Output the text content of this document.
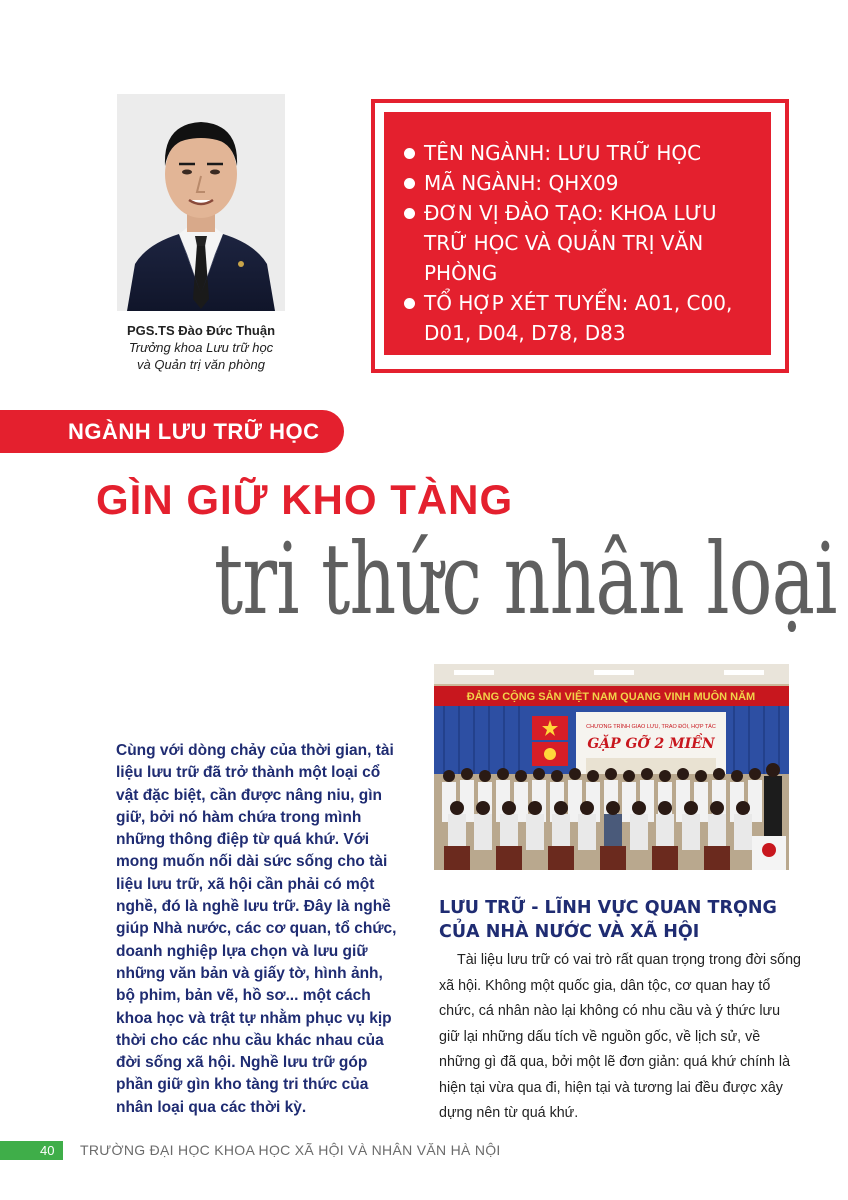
PGS.TS Đào Đức Thuận
Trưởng khoa Lưu trữ học
và Quản trị văn phòng
TÊN NGÀNH: LƯU TRỮ HỌC
MÃ NGÀNH: QHX09
ĐƠN VỊ ĐÀO TẠO: KHOA LƯU TRỮ HỌC VÀ QUẢN TRỊ VĂN PHÒNG
TỔ HỢP XÉT TUYỂN: A01, C00, D01, D04, D78, D83
NGÀNH LƯU TRỮ HỌC
GÌN GIỮ KHO TÀNG
tri thức nhân loại
ĐẢNG CỘNG SẢN VIỆT NAM QUANG VINH MUÔN NĂM
CHƯƠNG TRÌNH GIAO LƯU, TRAO ĐỔI, HỢP TÁC
GẶP GỠ 2 MIỀN
Cùng với dòng chảy của thời gian, tài liệu lưu trữ đã trở thành một loại cổ vật đặc biệt, cần được nâng niu, gìn giữ, bởi nó hàm chứa trong mình những thông điệp từ quá khứ. Với mong muốn nối dài sức sống cho tài liệu lưu trữ, xã hội cần phải có một nghề, đó là nghề lưu trữ. Đây là nghề giúp Nhà nước, các cơ quan, tổ chức, doanh nghiệp lựa chọn và lưu giữ những văn bản và giấy tờ, hình ảnh, bộ phim, bản vẽ, hồ sơ... một cách khoa học và trật tự nhằm phục vụ kịp thời cho các nhu cầu khác nhau của đời sống xã hội. Nghề lưu trữ góp phần giữ gìn kho tàng tri thức của nhân loại qua các thời kỳ.
LƯU TRỮ - LĨNH VỰC QUAN TRỌNG
CỦA NHÀ NƯỚC VÀ XÃ HỘI
Tài liệu lưu trữ có vai trò rất quan trọng trong đời sống xã hội. Không một quốc gia, dân tộc, cơ quan hay tổ chức, cá nhân nào lại không có nhu cầu và ý thức lưu giữ lại những dấu tích về nguồn gốc, về lịch sử, về những gì đã qua, bởi một lẽ đơn giản: quá khứ chính là hiện tại vừa qua đi, hiện tại và tương lai đều được xây dựng nên từ quá khứ.
40 TRƯỜNG ĐẠI HỌC KHOA HỌC XÃ HỘI VÀ NHÂN VĂN HÀ NỘI
